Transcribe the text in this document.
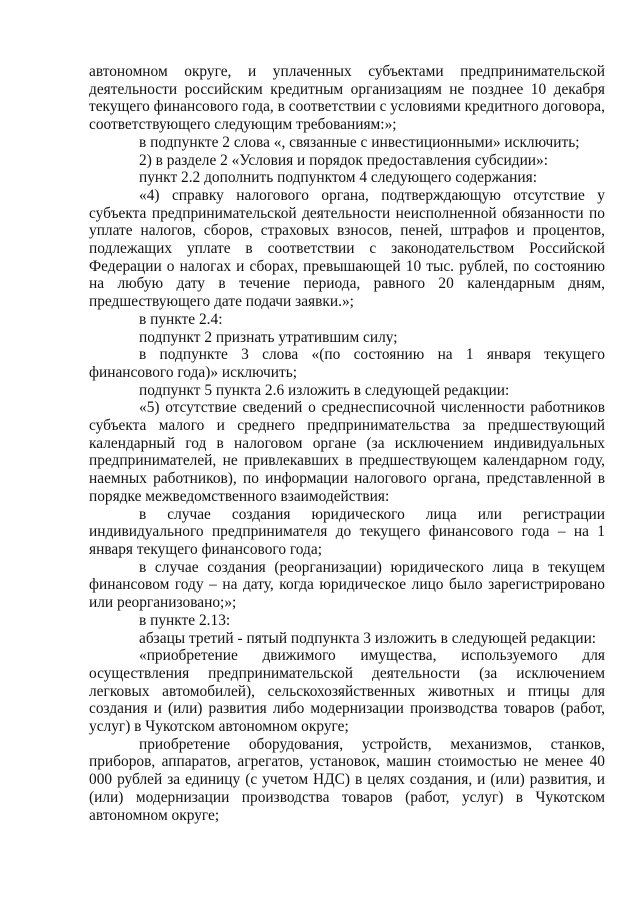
автономном округе, и уплаченных субъектами предпринимательской деятельности российским кредитным организациям не позднее 10 декабря текущего финансового года, в соответствии с условиями кредитного договора, соответствующего следующим требованиям:»;

в подпункте 2 слова «, связанные с инвестиционными» исключить;

2) в разделе 2 «Условия и порядок предоставления субсидии»:

пункт 2.2 дополнить подпунктом 4 следующего содержания:

«4) справку налогового органа, подтверждающую отсутствие у субъекта предпринимательской деятельности неисполненной обязанности по уплате налогов, сборов, страховых взносов, пеней, штрафов и процентов, подлежащих уплате в соответствии с законодательством Российской Федерации о налогах и сборах, превышающей 10 тыс. рублей, по состоянию на любую дату в течение периода, равного 20 календарным дням, предшествующего дате подачи заявки.»;

в пункте 2.4:

подпункт 2 признать утратившим силу;

в подпункте 3 слова «(по состоянию на 1 января текущего финансового года)» исключить;

подпункт 5 пункта 2.6 изложить в следующей редакции:

«5) отсутствие сведений о среднесписочной численности работников субъекта малого и среднего предпринимательства за предшествующий календарный год в налоговом органе (за исключением индивидуальных предпринимателей, не привлекавших в предшествующем календарном году, наемных работников), по информации налогового органа, представленной в порядке межведомственного взаимодействия:

в случае создания юридического лица или регистрации индивидуального предпринимателя до текущего финансового года – на 1 января текущего финансового года;

в случае создания (реорганизации) юридического лица в текущем финансовом году – на дату, когда юридическое лицо было зарегистрировано или реорганизовано;»;

в пункте 2.13:

абзацы третий - пятый подпункта 3 изложить в следующей редакции:

«приобретение движимого имущества, используемого для осуществления предпринимательской деятельности (за исключением легковых автомобилей), сельскохозяйственных животных и птицы для создания и (или) развития либо модернизации производства товаров (работ, услуг) в Чукотском автономном округе;

приобретение оборудования, устройств, механизмов, станков, приборов, аппаратов, агрегатов, установок, машин стоимостью не менее 40 000 рублей за единицу (с учетом НДС) в целях создания, и (или) развития, и (или) модернизации производства товаров (работ, услуг) в Чукотском автономном округе;
